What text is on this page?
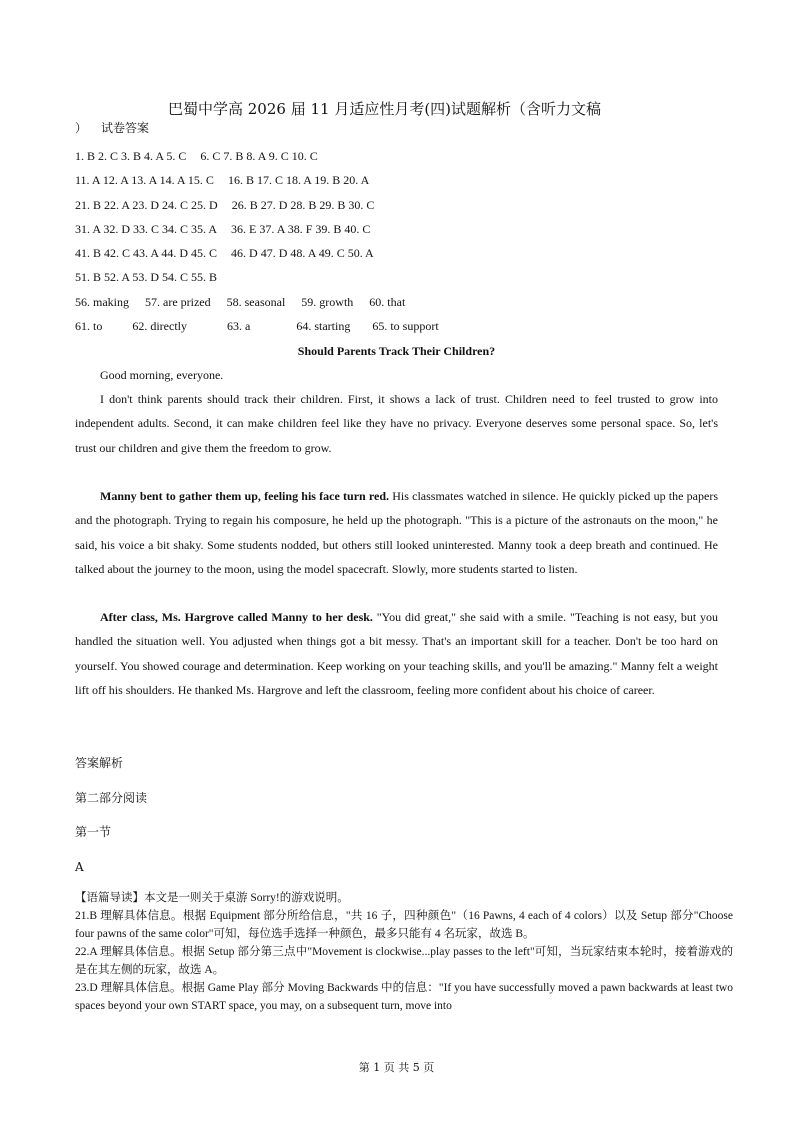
巴蜀中学高 2026 届 11 月适应性月考(四)试题解析（含听力文稿
） 试卷答案
1. B 2. C 3. B 4. A 5. C 6. C 7. B 8. A 9. C 10. C
11. A 12. A 13. A 14. A 15. C 16. B 17. C 18. A 19. B 20. A
21. B 22. A 23. D 24. C 25. D 26. B 27. D 28. B 29. B 30. C
31. A 32. D 33. C 34. C 35. A 36. E 37. A 38. F 39. B 40. C
41. B 42. C 43. A 44. D 45. C 46. D 47. D 48. A 49. C 50. A
51. B 52. A 53. D 54. C 55. B
56. making 57. are prized 58. seasonal 59. growth 60. that
61. to	62. directly	63. a	64. starting 65. to support
Should Parents Track Their Children?
Good morning, everyone.
I don't think parents should track their children. First, it shows a lack of trust. Children need to feel trusted to grow into independent adults. Second, it can make children feel like they have no privacy. Everyone deserves some personal space. So, let's trust our children and give them the freedom to grow.
Manny bent to gather them up, feeling his face turn red. His classmates watched in silence. He quickly picked up the papers and the photograph. Trying to regain his composure, he held up the photograph. "This is a picture of the astronauts on the moon," he said, his voice a bit shaky. Some students nodded, but others still looked uninterested. Manny took a deep breath and continued. He talked about the journey to the moon, using the model spacecraft. Slowly, more students started to listen.
After class, Ms. Hargrove called Manny to her desk. "You did great," she said with a smile. "Teaching is not easy, but you handled the situation well. You adjusted when things got a bit messy. That's an important skill for a teacher. Don't be too hard on yourself. You showed courage and determination. Keep working on your teaching skills, and you'll be amazing." Manny felt a weight lift off his shoulders. He thanked Ms. Hargrove and left the classroom, feeling more confident about his choice of career.
答案解析
第二部分阅读
第一节
A
【语篇导读】本文是一则关于桌游 Sorry!的游戏说明。
21.B 理解具体信息。根据 Equipment 部分所给信息，"共 16 子，四种颜色"（16 Pawns, 4 each of 4 colors）以及 Setup 部分"Choose four pawns of the same color"可知，每位选手选择一种颜色，最多只能有 4 名玩家，故选 B。
22.A 理解具体信息。根据 Setup 部分第三点中"Movement is clockwise...play passes to the left"可知，当玩家结束本轮时，接着游戏的是在其左侧的玩家，故选 A。
23.D 理解具体信息。根据 Game Play 部分 Moving Backwards 中的信息："If you have successfully moved a pawn backwards at least two spaces beyond your own START space, you may, on a subsequent turn, move into
第 1 页 共 5 页
